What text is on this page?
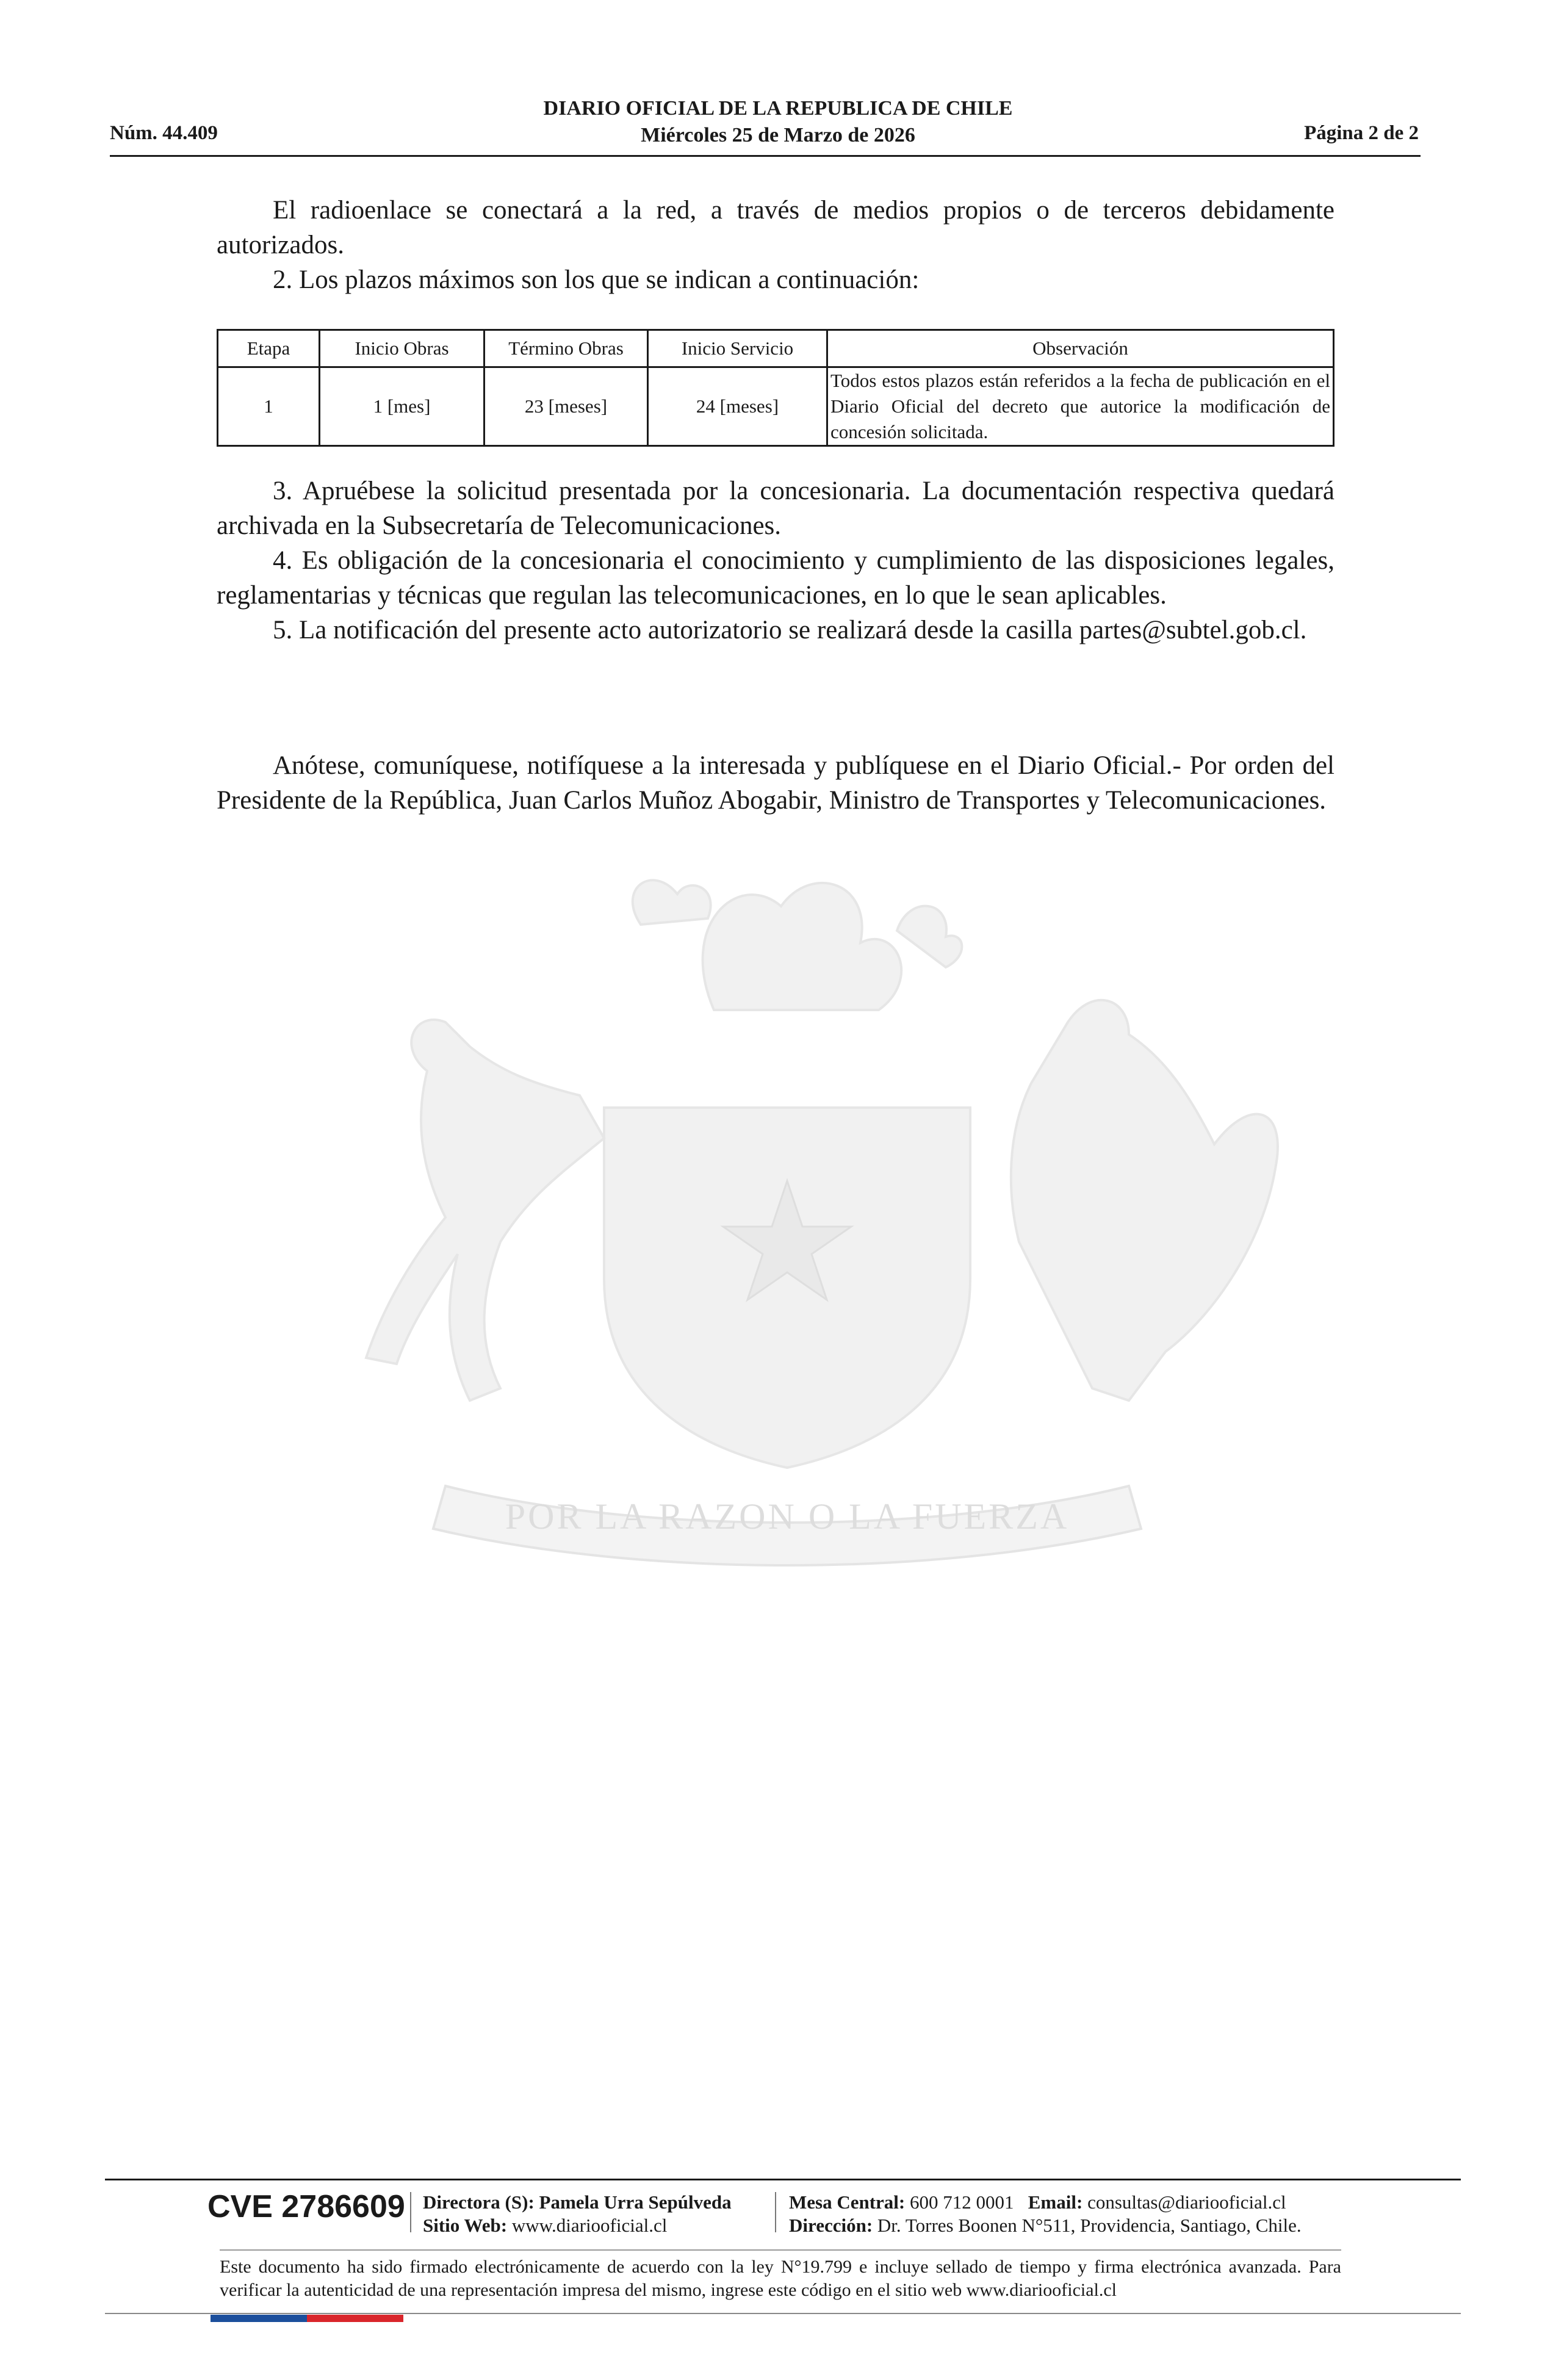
Núm. 44.409
DIARIO OFICIAL DE LA REPUBLICA DE CHILE
Miércoles 25 de Marzo de 2026	Página 2 de 2
POR LA RAZON O LA FUERZA

El radioenlace se conectará a la red, a través de medios propios o de terceros debidamente autorizados.

2. Los plazos máximos son los que se indican a continuación:

Etapa	Inicio Obras	Término Obras	Inicio Servicio	Observación
1	1 [mes]	23 [meses]	24 [meses]	Todos estos plazos están referidos a la fecha de publicación en el Diario Oficial del decreto que autorice la modificación de concesión solicitada.

3. Apruébese la solicitud presentada por la concesionaria. La documentación respectiva quedará archivada en la Subsecretaría de Telecomunicaciones.

4. Es obligación de la concesionaria el conocimiento y cumplimiento de las disposiciones legales, reglamentarias y técnicas que regulan las telecomunicaciones, en lo que le sean aplicables.

5. La notificación del presente acto autorizatorio se realizará desde la casilla partes@subtel.gob.cl.

Anótese, comuníquese, notifíquese a la interesada y publíquese en el Diario Oficial.- Por orden del Presidente de la República, Juan Carlos Muñoz Abogabir, Ministro de Transportes y Telecomunicaciones.

CVE 2786609 Directora (S): Pamela Urra Sepúlveda
Sitio Web: www.diariooficial.cl
Mesa Central: 600 712 0001 Email: consultas@diariooficial.cl
Dirección: Dr. Torres Boonen N°511, Providencia, Santiago, Chile.
Este documento ha sido firmado electrónicamente de acuerdo con la ley N°19.799 e incluye sellado de tiempo y firma electrónica avanzada. Para verificar la autenticidad de una representación impresa del mismo, ingrese este código en el sitio web www.diariooficial.cl
